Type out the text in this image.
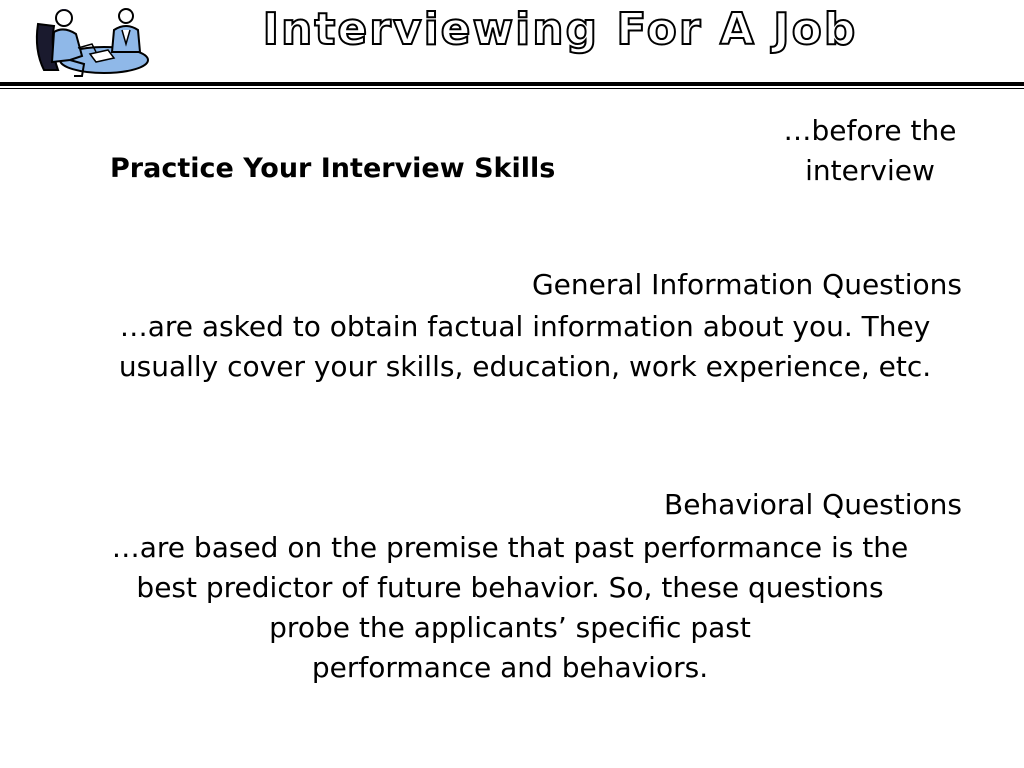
Interviewing For A Job
Practice Your Interview Skills
…before the
interview
General Information Questions
…are asked to obtain factual information about you. They
usually cover your skills, education, work experience, etc.
Behavioral Questions
…are based on the premise that past performance is the
best predictor of future behavior. So, these questions
probe the applicants’ specific past
performance and behaviors.
